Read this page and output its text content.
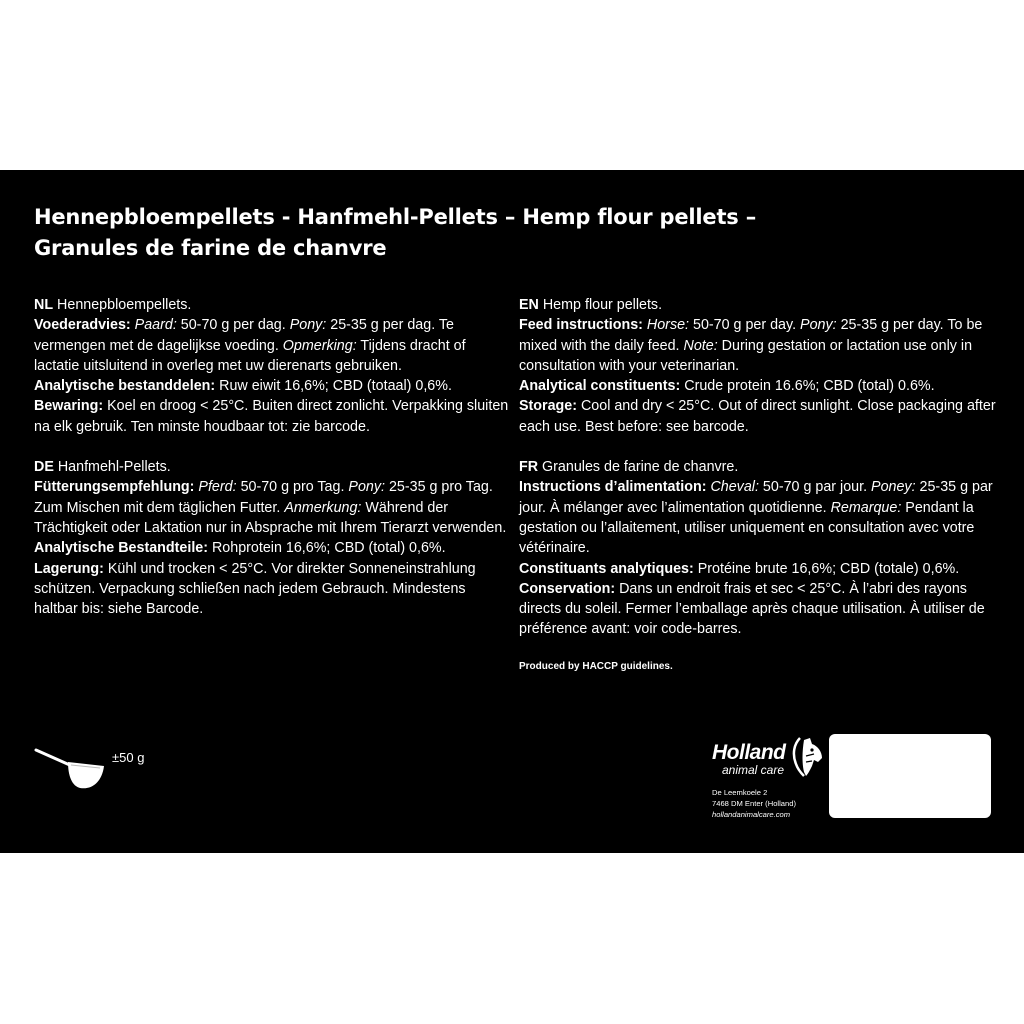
Hennepbloempellets - Hanfmehl-Pellets – Hemp flour pellets –
Granules de farine de chanvre

NL Hennepbloempellets.

Voederadvies: Paard: 50-70 g per dag. Pony: 25-35 g per dag. Te vermengen met de dagelijkse voeding. Opmerking: Tijdens dracht of lactatie uitsluitend in overleg met uw dierenarts gebruiken.

Analytische bestanddelen: Ruw eiwit 16,6%; CBD (totaal) 0,6%.

Bewaring: Koel en droog < 25°C. Buiten direct zonlicht. Verpakking sluiten na elk gebruik. Ten minste houdbaar tot: zie barcode.

DE Hanfmehl-Pellets.

Fütterungsempfehlung: Pferd: 50-70 g pro Tag. Pony: 25-35 g pro Tag. Zum Mischen mit dem täglichen Futter. Anmerkung: Während der Trächtigkeit oder Laktation nur in Absprache mit Ihrem Tierarzt verwenden.

Analytische Bestandteile: Rohprotein 16,6%; CBD (total) 0,6%.

Lagerung: Kühl und trocken < 25°C. Vor direkter Sonneneinstrahlung schützen. Verpackung schließen nach jedem Gebrauch. Mindestens haltbar bis: siehe Barcode.

EN Hemp flour pellets.

Feed instructions: Horse: 50-70 g per day. Pony: 25-35 g per day. To be mixed with the daily feed. Note: During gestation or lactation use only in consultation with your veterinarian.

Analytical constituents: Crude protein 16.6%; CBD (total) 0.6%.

Storage: Cool and dry < 25°C. Out of direct sunlight. Close packaging after each use. Best before: see barcode.

FR Granules de farine de chanvre.

Instructions d’alimentation: Cheval: 50-70 g par jour. Poney: 25-35 g par jour. À mélanger avec l’alimentation quotidienne. Remarque: Pendant la gestation ou l’allaitement, utiliser uniquement en consultation avec votre vétérinaire.

Constituants analytiques: Protéine brute 16,6%; CBD (totale) 0,6%.

Conservation: Dans un endroit frais et sec < 25°C. À l’abri des rayons directs du soleil. Fermer l’emballage après chaque utilisation. À utiliser de préférence avant: voir code-barres.

Produced by HACCP guidelines.
±50 g	Holland
animal care
De Leemkoele 2
7468 DM Enter (Holland)
hollandanimalcare.com
